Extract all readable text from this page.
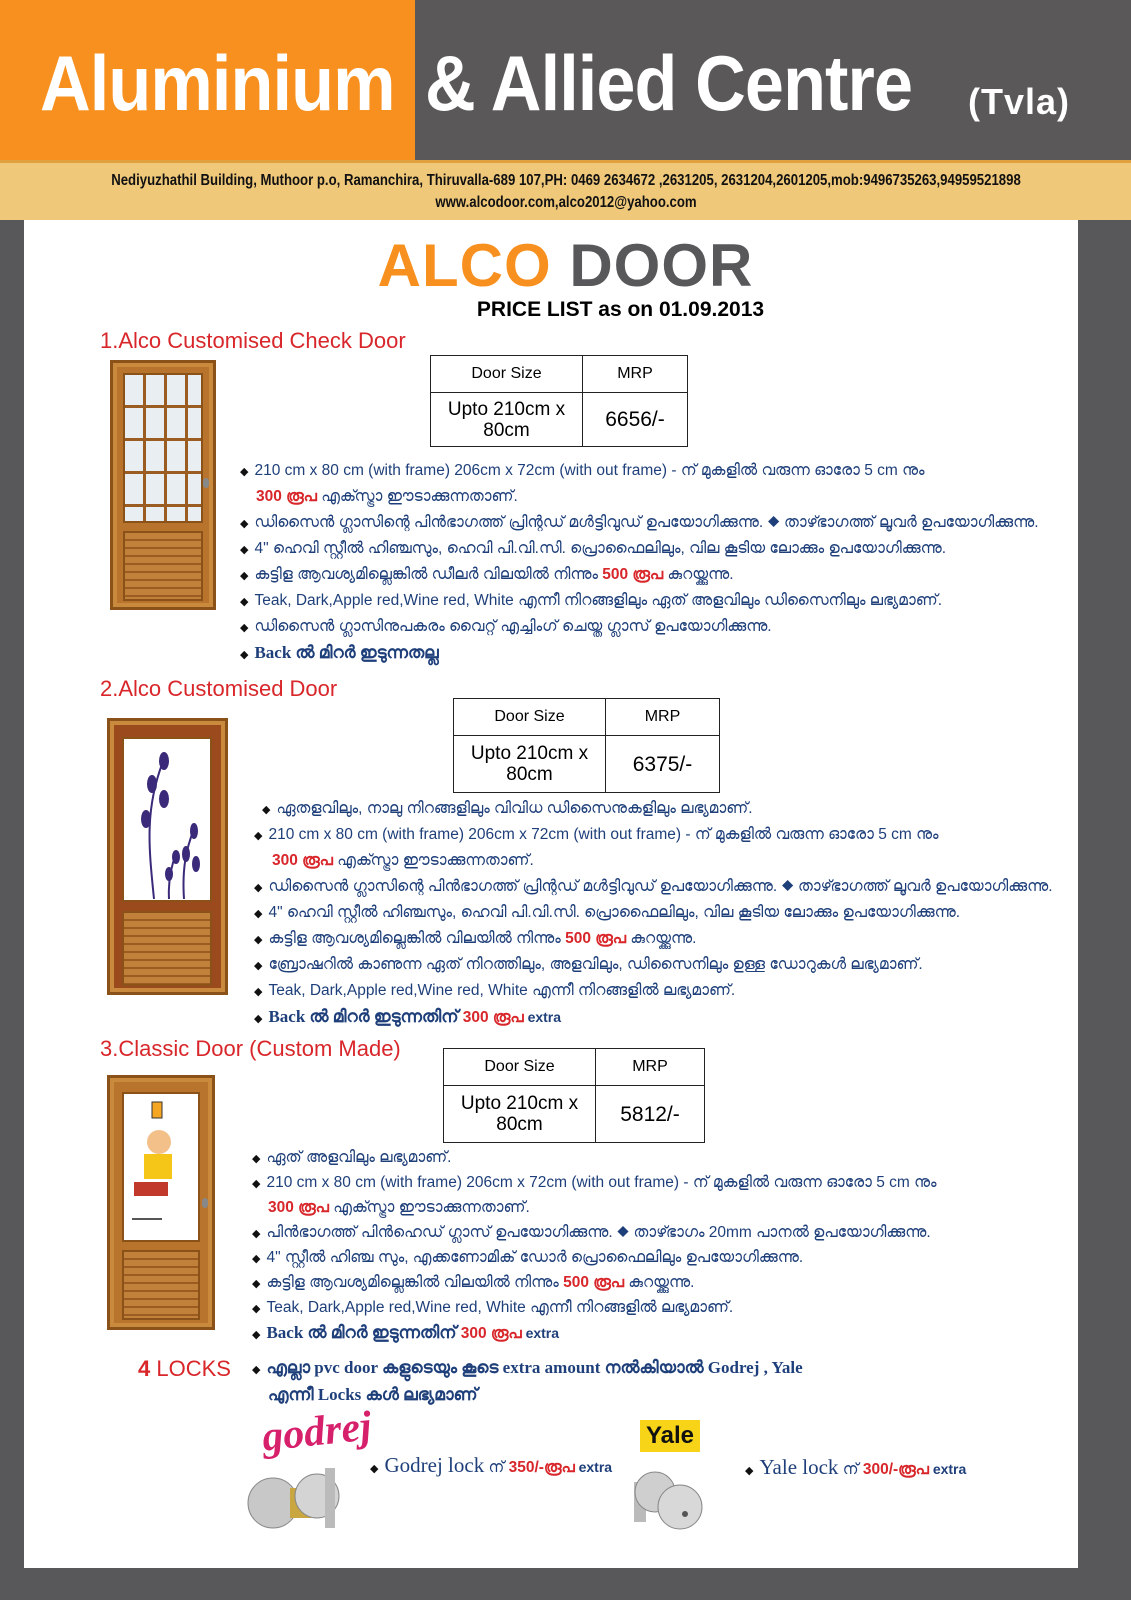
Aluminium & Allied Centre (Tvla)
Nediyuzhathil Building, Muthoor p.o, Ramanchira, Thiruvalla-689 107,PH: 0469 2634672 ,2631205, 2631204,2601205,mob:9496735263,94959521898
www.alcodoor.com,alco2012@yahoo.com
ALCO DOOR
PRICE LIST as on 01.09.2013
1.Alco Customised Check Door
Door Size	MRP
Upto 210cm x 80cm	6656/-
◆ 210 cm x 80 cm (with frame) 206cm x 72cm (with out frame) - ന് മുകളിൽ വരുന്ന ഓരോ 5 cm നും
300 രൂപ എക്സ്ട്രാ ഈടാക്കുന്നതാണ്.
◆ ഡിസൈൻ ഗ്ലാസിന്റെ പിൻഭാഗത്ത് പ്രിന്റഡ് മൾട്ടിവുഡ് ഉപയോഗിക്കുന്നു. ◆ താഴ്ഭാഗത്ത് ലൂവർ ഉപയോഗിക്കുന്നു.
◆ 4" ഹെവി സ്റ്റീൽ ഹിഞ്ചസും, ഹെവി പി.വി.സി. പ്രൊഫൈലിലും, വില കൂടിയ ലോക്കും ഉപയോഗിക്കുന്നു.
◆ കട്ടിള ആവശ്യമില്ലെങ്കിൽ ഡീലർ വിലയിൽ നിന്നും 500 രൂപ കുറയ്ക്കുന്നു.
◆ Teak, Dark,Apple red,Wine red, White എന്നീ നിറങ്ങളിലും ഏത് അളവിലും ഡിസൈനിലും ലഭ്യമാണ്.
◆ ഡിസൈൻ ഗ്ലാസിനുപകരം വൈറ്റ് എച്ചിംഗ് ചെയ്ത ഗ്ലാസ് ഉപയോഗിക്കുന്നു.
◆ Back ൽ മിറർ ഇടുന്നതല്ല
2.Alco Customised Door
Door Size	MRP
Upto 210cm x 80cm	6375/-
◆ ഏതളവിലും, നാലു നിറങ്ങളിലും വിവിധ ഡിസൈനുകളിലും ലഭ്യമാണ്.
◆ 210 cm x 80 cm (with frame) 206cm x 72cm (with out frame) - ന് മുകളിൽ വരുന്ന ഓരോ 5 cm നും
300 രൂപ എക്സ്ട്രാ ഈടാക്കുന്നതാണ്.
◆ ഡിസൈൻ ഗ്ലാസിന്റെ പിൻഭാഗത്ത് പ്രിന്റഡ് മൾട്ടിവുഡ് ഉപയോഗിക്കുന്നു. ◆ താഴ്ഭാഗത്ത് ലൂവർ ഉപയോഗിക്കുന്നു.
◆ 4" ഹെവി സ്റ്റീൽ ഹിഞ്ചസും, ഹെവി പി.വി.സി. പ്രൊഫൈലിലും, വില കൂടിയ ലോക്കും ഉപയോഗിക്കുന്നു.
◆ കട്ടിള ആവശ്യമില്ലെങ്കിൽ വിലയിൽ നിന്നും 500 രൂപ കുറയ്ക്കുന്നു.
◆ ബ്രോഷറിൽ കാണുന്ന ഏത് നിറത്തിലും, അളവിലും, ഡിസൈനിലും ഉള്ള ഡോറുകൾ ലഭ്യമാണ്.
◆ Teak, Dark,Apple red,Wine red, White എന്നീ നിറങ്ങളിൽ ലഭ്യമാണ്.
◆ Back ൽ മിറർ ഇടുന്നതിന് 300 രൂപ extra
3.Classic Door (Custom Made)
Door Size	MRP
Upto 210cm x 80cm	5812/-
◆ ഏത് അളവിലും ലഭ്യമാണ്.
◆ 210 cm x 80 cm (with frame) 206cm x 72cm (with out frame) - ന് മുകളിൽ വരുന്ന ഓരോ 5 cm നും
300 രൂപ എക്സ്ട്രാ ഈടാക്കുന്നതാണ്.
◆ പിൻഭാഗത്ത് പിൻഹെഡ് ഗ്ലാസ് ഉപയോഗിക്കുന്നു. ◆ താഴ്ഭാഗം 20mm പാനൽ ഉപയോഗിക്കുന്നു.
◆ 4" സ്റ്റീൽ ഹിഞ്ച സും, എക്കണോമിക് ഡോർ പ്രൊഫൈലിലും ഉപയോഗിക്കുന്നു.
◆ കട്ടിള ആവശ്യമില്ലെങ്കിൽ വിലയിൽ നിന്നും 500 രൂപ കുറയ്ക്കുന്നു.
◆ Teak, Dark,Apple red,Wine red, White എന്നീ നിറങ്ങളിൽ ലഭ്യമാണ്.
◆ Back ൽ മിറർ ഇടുന്നതിന് 300 രൂപ extra
4 LOCKS ◆ എല്ലാ pvc door കളുടെയും കൂടെ extra amount നൽകിയാൽ Godrej , Yale
എന്നീ Locks കൾ ലഭ്യമാണ്
godrej
◆ Godrej lock ന് 350/-രൂപ extra
Yale
◆ Yale lock ന് 300/-രൂപ extra
